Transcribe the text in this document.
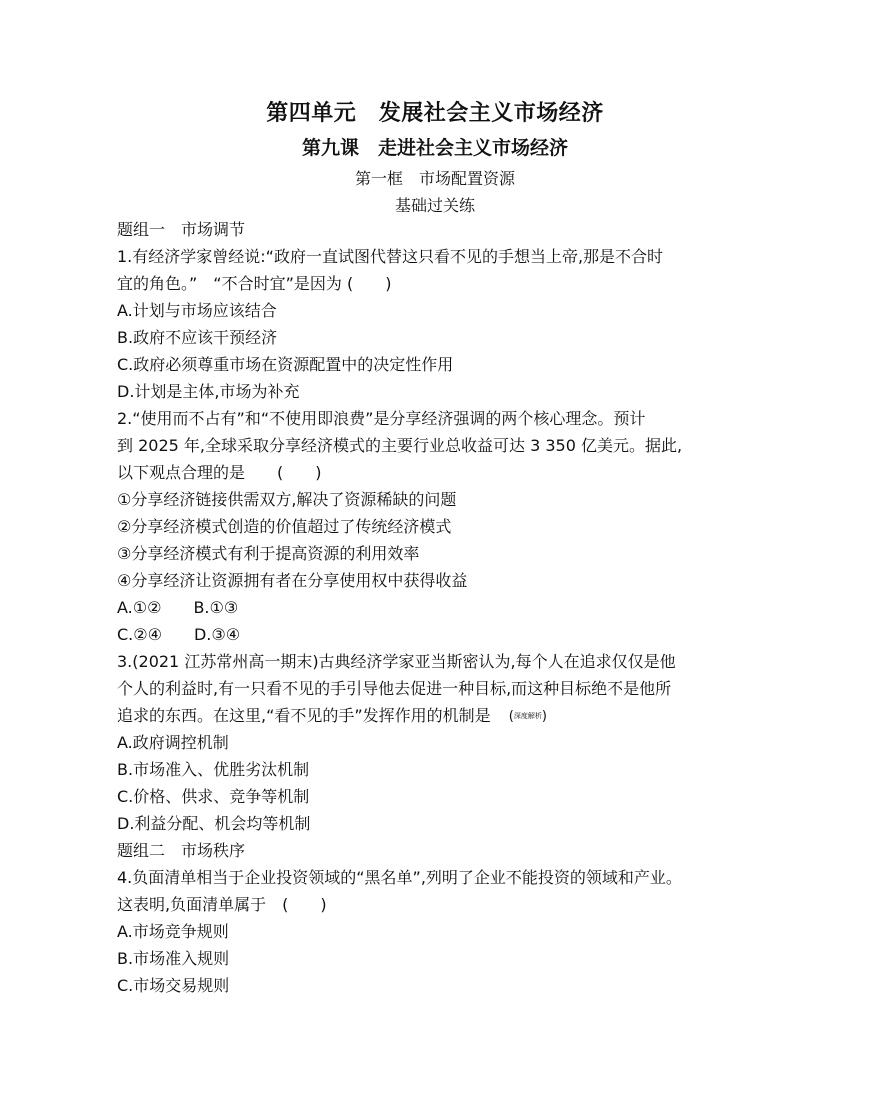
第四单元　发展社会主义市场经济
第九课　走进社会主义市场经济
第一框　市场配置资源
基础过关练
题组一　市场调节
1.有经济学家曾经说:“政府一直试图代替这只看不见的手想当上帝,那是不合时
宜的角色。”　“不合时宜”是因为 (　　)
A.计划与市场应该结合
B.政府不应该干预经济
C.政府必须尊重市场在资源配置中的决定性作用
D.计划是主体,市场为补充
2.“使用而不占有”和“不使用即浪费”是分享经济强调的两个核心理念。预计
到 2025 年,全球采取分享经济模式的主要行业总收益可达 3 350 亿美元。据此,
以下观点合理的是　　(　　)
①分享经济链接供需双方,解决了资源稀缺的问题
②分享经济模式创造的价值超过了传统经济模式
③分享经济模式有利于提高资源的利用效率
④分享经济让资源拥有者在分享使用权中获得收益
A.①② B.①③
C.②④ D.③④
3.(2021 江苏常州高一期末)古典经济学家亚当斯密认为,每个人在追求仅仅是他
个人的利益时,有一只看不见的手引导他去促进一种目标,而这种目标绝不是他所
追求的东西。在这里,“看不见的手”发挥作用的机制是 　(深度解析)
A.政府调控机制
B.市场准入、优胜劣汰机制
C.价格、供求、竞争等机制
D.利益分配、机会均等机制
题组二　市场秩序
4.负面清单相当于企业投资领域的“黑名单”,列明了企业不能投资的领域和产业。
这表明,负面清单属于　(　　)
A.市场竞争规则
B.市场准入规则
C.市场交易规则
